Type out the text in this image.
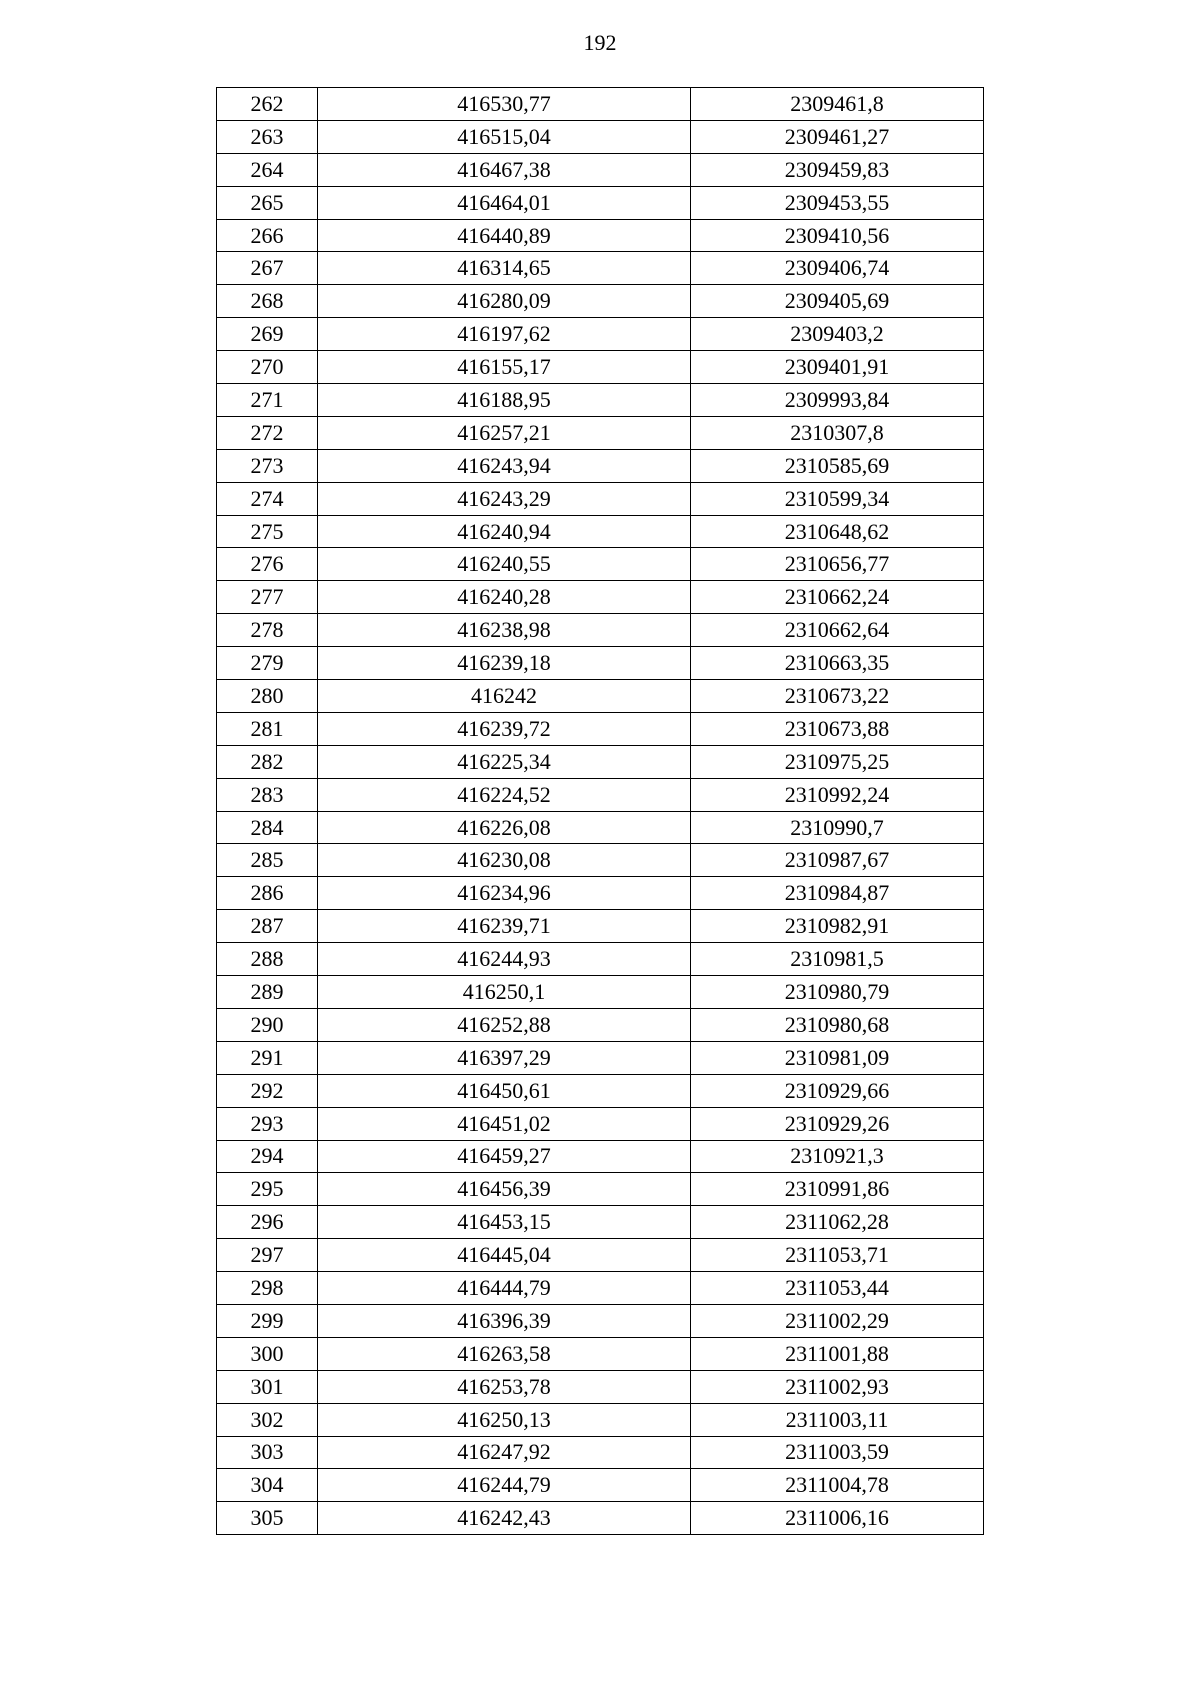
192
262	416530,77	2309461,8
263	416515,04	2309461,27
264	416467,38	2309459,83
265	416464,01	2309453,55
266	416440,89	2309410,56
267	416314,65	2309406,74
268	416280,09	2309405,69
269	416197,62	2309403,2
270	416155,17	2309401,91
271	416188,95	2309993,84
272	416257,21	2310307,8
273	416243,94	2310585,69
274	416243,29	2310599,34
275	416240,94	2310648,62
276	416240,55	2310656,77
277	416240,28	2310662,24
278	416238,98	2310662,64
279	416239,18	2310663,35
280	416242	2310673,22
281	416239,72	2310673,88
282	416225,34	2310975,25
283	416224,52	2310992,24
284	416226,08	2310990,7
285	416230,08	2310987,67
286	416234,96	2310984,87
287	416239,71	2310982,91
288	416244,93	2310981,5
289	416250,1	2310980,79
290	416252,88	2310980,68
291	416397,29	2310981,09
292	416450,61	2310929,66
293	416451,02	2310929,26
294	416459,27	2310921,3
295	416456,39	2310991,86
296	416453,15	2311062,28
297	416445,04	2311053,71
298	416444,79	2311053,44
299	416396,39	2311002,29
300	416263,58	2311001,88
301	416253,78	2311002,93
302	416250,13	2311003,11
303	416247,92	2311003,59
304	416244,79	2311004,78
305	416242,43	2311006,16
